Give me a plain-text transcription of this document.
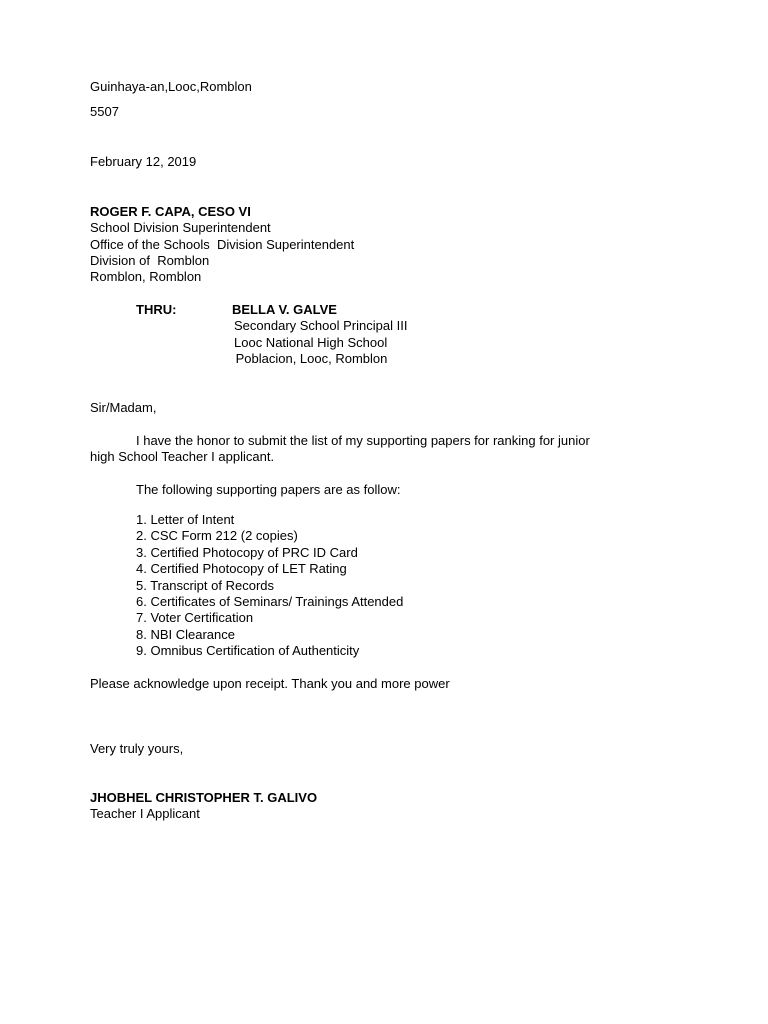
Guinhaya-an,Looc,Romblon
5507
February 12, 2019
ROGER F. CAPA, CESO VI
School Division Superintendent
Office of the Schools  Division Superintendent
Division of  Romblon
Romblon, Romblon
THRU:	BELLA V. GALVE
Secondary School Principal III
Looc National High School
Poblacion, Looc, Romblon
Sir/Madam,
I have the honor to submit the list of my supporting papers for ranking for junior
high School Teacher I applicant.
The following supporting papers are as follow:
1. Letter of Intent
2. CSC Form 212 (2 copies)
3. Certified Photocopy of PRC ID Card
4. Certified Photocopy of LET Rating
5. Transcript of Records
6. Certificates of Seminars/ Trainings Attended
7. Voter Certification
8. NBI Clearance
9. Omnibus Certification of Authenticity
Please acknowledge upon receipt. Thank you and more power
Very truly yours,
JHOBHEL CHRISTOPHER T. GALIVO
Teacher I Applicant
